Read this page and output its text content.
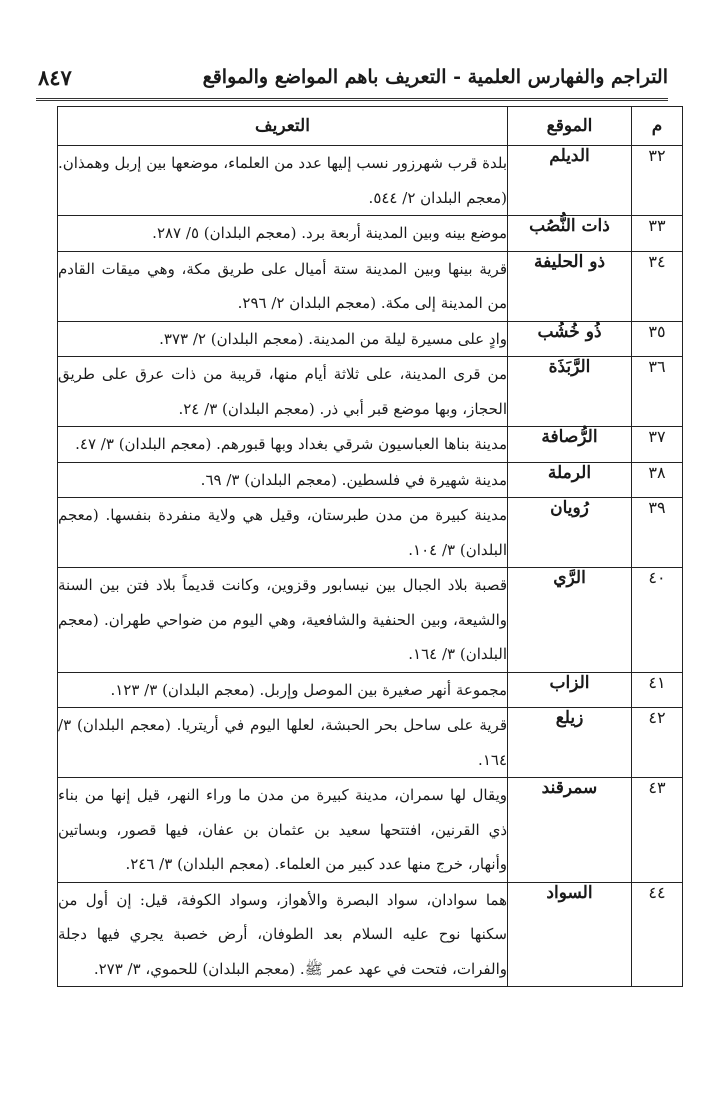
٨٤٧	التراجم والفهارس العلمية - التعريف باهم المواضع والمواقع
م	الموقع	التعريف
٣٢	الديلم	بلدة قرب شهرزور نسب إليها عدد من العلماء، موضعها بين إربل وهمذان. (معجم البلدان ٢/ ٥٤٤.
٣٣	ذات النُّصُب	موضع بينه وبين المدينة أربعة برد. (معجم البلدان) ٥/ ٢٨٧.
٣٤	ذو الحليفة	قرية بينها وبين المدينة ستة أميال على طريق مكة، وهي ميقات القادم من المدينة إلى مكة. (معجم البلدان ٢/ ٢٩٦.
٣٥	ذُو خُشُب	وادٍ على مسيرة ليلة من المدينة. (معجم البلدان) ٢/ ٣٧٣.
٣٦	الرَّبَذَة	من قرى المدينة، على ثلاثة أيام منها، قريبة من ذات عرق على طريق الحجاز، وبها موضع قبر أبي ذر. (معجم البلدان) ٣/ ٢٤.
٣٧	الرُّصافة	مدينة بناها العباسيون شرقي بغداد وبها قبورهم. (معجم البلدان) ٣/ ٤٧.
٣٨	الرملة	مدينة شهيرة في فلسطين. (معجم البلدان) ٣/ ٦٩.
٣٩	رُويان	مدينة كبيرة من مدن طبرستان، وقيل هي ولاية منفردة بنفسها. (معجم البلدان) ٣/ ١٠٤.
٤٠	الرَّي	قصبة بلاد الجبال بين نيسابور وقزوين، وكانت قديماً بلاد فتن بين السنة والشيعة، وبين الحنفية والشافعية، وهي اليوم من ضواحي طهران. (معجم البلدان) ٣/ ١٦٤.
٤١	الزاب	مجموعة أنهر صغيرة بين الموصل وإربل. (معجم البلدان) ٣/ ١٢٣.
٤٢	زيلع	قرية على ساحل بحر الحبشة، لعلها اليوم في أريتريا. (معجم البلدان) ٣/ ١٦٤.
٤٣	سمرقند	ويقال لها سمران، مدينة كبيرة من مدن ما وراء النهر، قيل إنها من بناء ذي القرنين، افتتحها سعيد بن عثمان بن عفان، فيها قصور، وبساتين وأنهار، خرج منها عدد كبير من العلماء. (معجم البلدان) ٣/ ٢٤٦.
٤٤	السواد	هما سوادان، سواد البصرة والأهواز، وسواد الكوفة، قيل: إن أول من سكنها نوح عليه السلام بعد الطوفان، أرض خصبة يجري فيها دجلة والفرات، فتحت في عهد عمر ﷺ. (معجم البلدان) للحموي، ٣/ ٢٧٣.
